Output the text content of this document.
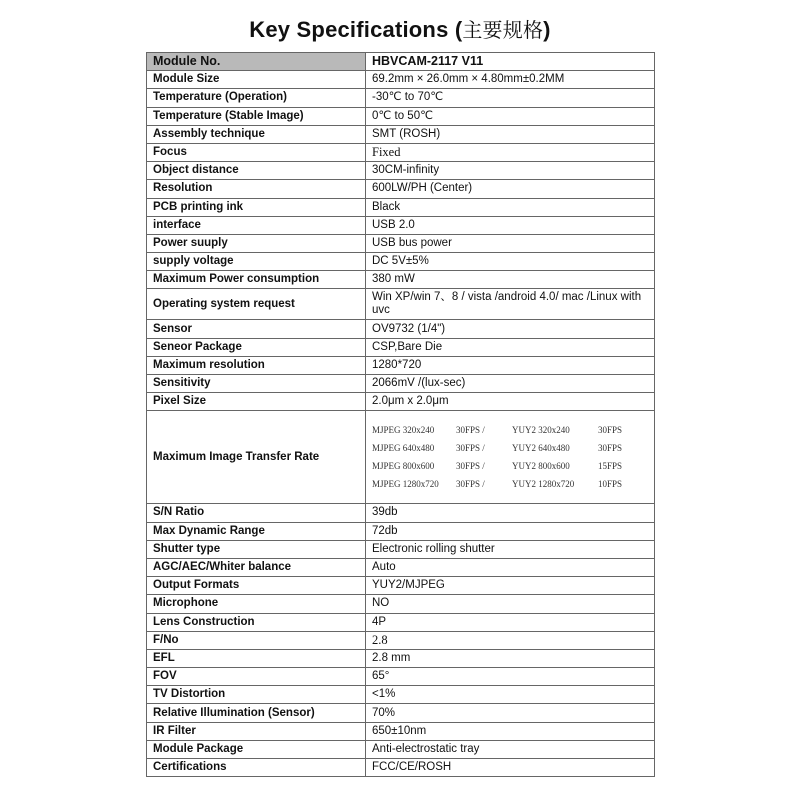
Key Specifications (主要规格)
Module No.	HBVCAM-2117 V11
Module Size	69.2mm × 26.0mm × 4.80mm±0.2MM
Temperature (Operation)	-30℃ to 70℃
Temperature (Stable Image)	0℃ to 50℃
Assembly technique	SMT (ROSH)
Focus	Fixed
Object distance	30CM-infinity
Resolution	600LW/PH (Center)
PCB printing ink	Black
interface	USB 2.0
Power suuply	USB bus power
supply voltage	DC 5V±5%
Maximum Power consumption	380 mW
Operating system request	Win XP/win 7、8 / vista /android 4.0/ mac /Linux with uvc
Sensor	OV9732 (1/4")
Seneor Package	CSP,Bare Die
Maximum resolution	1280*720
Sensitivity	2066mV /(lux-sec)
Pixel Size	2.0μm x 2.0μm
Maximum Image Transfer Rate	MJPEG 320x240 30FPS / YUY2 320x240 30FPS
MJPEG 640x480 30FPS / YUY2 640x480 30FPS
MJPEG 800x600 30FPS / YUY2 800x600 15FPS
MJPEG 1280x720 30FPS / YUY2 1280x720 10FPS

S/N Ratio	39db
Max Dynamic Range	72db
Shutter type	Electronic rolling shutter
AGC/AEC/Whiter balance	Auto
Output Formats	YUY2/MJPEG
Microphone	NO
Lens Construction	4P
F/No	2.8
EFL	2.8 mm
FOV	65°
TV Distortion	<1%
Relative Illumination (Sensor)	70%
IR Filter	650±10nm
Module Package	Anti-electrostatic tray
Certifications	FCC/CE/ROSH
